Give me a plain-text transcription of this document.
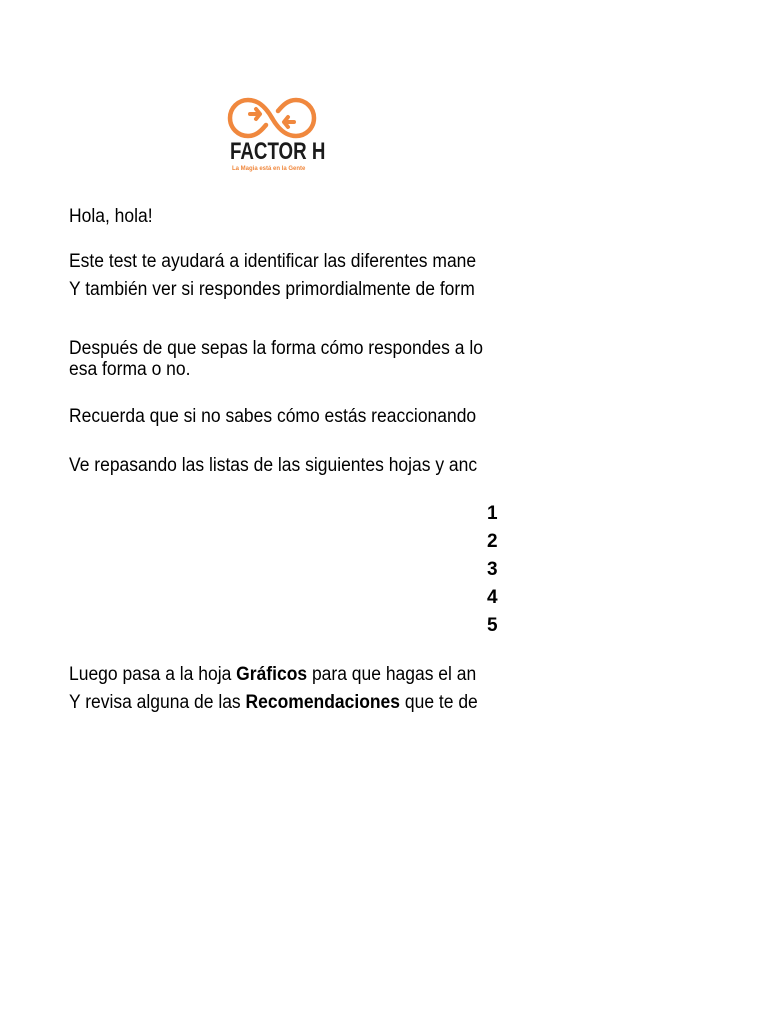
FACTOR H
La Magia está en la Gente
Hola, hola!
Este test te ayudará a identificar las diferentes mane
Y también ver si respondes primordialmente de form
Después de que sepas la forma cómo respondes a lo
esa forma o no.
Recuerda que si no sabes cómo estás reaccionando
Ve repasando las listas de las siguientes hojas y anc
1
2
3
4
5
Luego pasa a la hoja Gráficos para que hagas el an
Y revisa alguna de las Recomendaciones que te de
